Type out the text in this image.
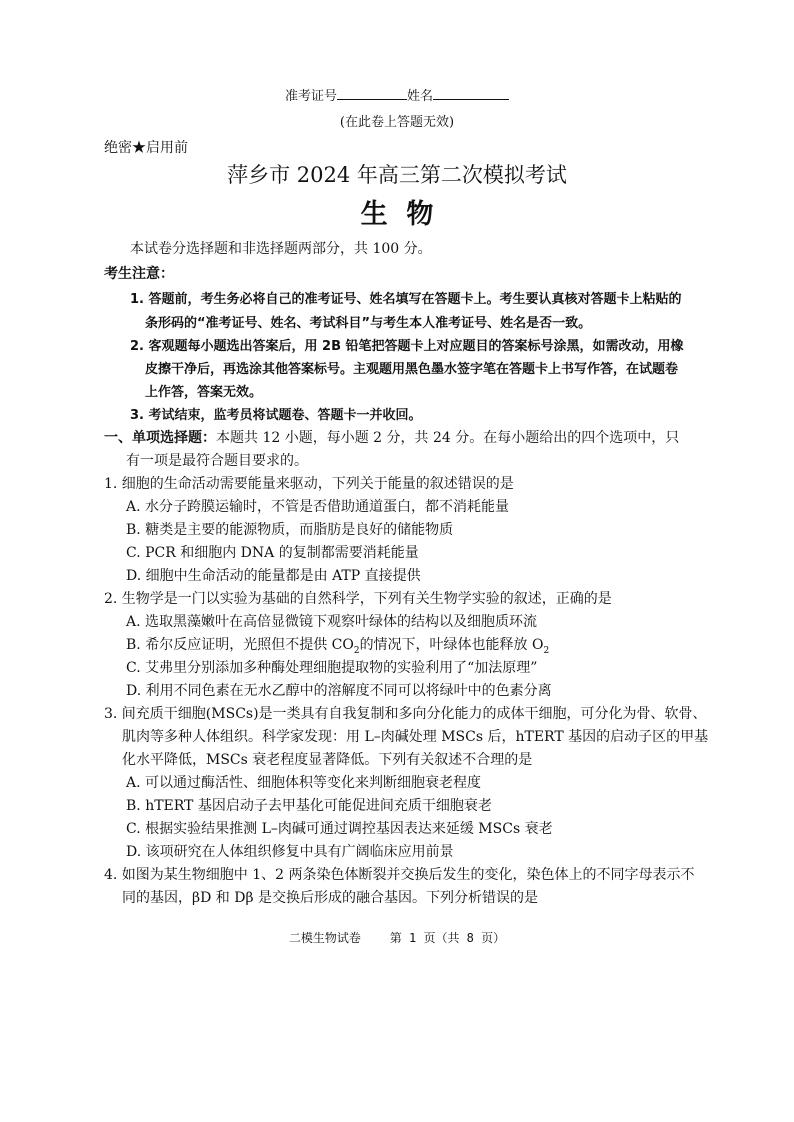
准考证号	姓名
(在此卷上答题无效)
绝密★启用前
萍乡市 2024 年高三第二次模拟考试
生  物
本试卷分选择题和非选择题两部分，共 100 分。
考生注意：
1. 答题前，考生务必将自己的准考证号、姓名填写在答题卡上。考生要认真核对答题卡上粘贴的
条形码的“准考证号、姓名、考试科目”与考生本人准考证号、姓名是否一致。
2. 客观题每小题选出答案后，用 2B 铅笔把答题卡上对应题目的答案标号涂黑，如需改动，用橡
皮擦干净后，再选涂其他答案标号。主观题用黑色墨水签字笔在答题卡上书写作答，在试题卷
上作答，答案无效。
3. 考试结束，监考员将试题卷、答题卡一并收回。
一、单项选择题：本题共 12 小题，每小题 2 分，共 24 分。在每小题给出的四个选项中，只
有一项是最符合题目要求的。
1. 细胞的生命活动需要能量来驱动，下列关于能量的叙述错误的是
A. 水分子跨膜运输时，不管是否借助通道蛋白，都不消耗能量
B. 糖类是主要的能源物质，而脂肪是良好的储能物质
C. PCR 和细胞内 DNA 的复制都需要消耗能量
D. 细胞中生命活动的能量都是由 ATP 直接提供
2. 生物学是一门以实验为基础的自然科学，下列有关生物学实验的叙述，正确的是
A. 选取黑藻嫩叶在高倍显微镜下观察叶绿体的结构以及细胞质环流
B. 希尔反应证明，光照但不提供 $CO_2$的情况下，叶绿体也能释放 $O_2$
C. 艾弗里分别添加多种酶处理细胞提取物的实验利用了“加法原理”
D. 利用不同色素在无水乙醇中的溶解度不同可以将绿叶中的色素分离
3. 间充质干细胞(MSCs)是一类具有自我复制和多向分化能力的成体干细胞，可分化为骨、软骨、
肌肉等多种人体组织。科学家发现：用 L–肉碱处理 MSCs 后，hTERT 基因的启动子区的甲基
化水平降低，MSCs 衰老程度显著降低。下列有关叙述不合理的是
A. 可以通过酶活性、细胞体积等变化来判断细胞衰老程度
B. hTERT 基因启动子去甲基化可能促进间充质干细胞衰老
C. 根据实验结果推测 L–肉碱可通过调控基因表达来延缓 MSCs 衰老
D. 该项研究在人体组织修复中具有广阔临床应用前景
4. 如图为某生物细胞中 1、2 两条染色体断裂并交换后发生的变化，染色体上的不同字母表示不
同的基因，βD 和 Dβ 是交换后形成的融合基因。下列分析错误的是
二模生物试卷    第 1 页（共 8 页）
